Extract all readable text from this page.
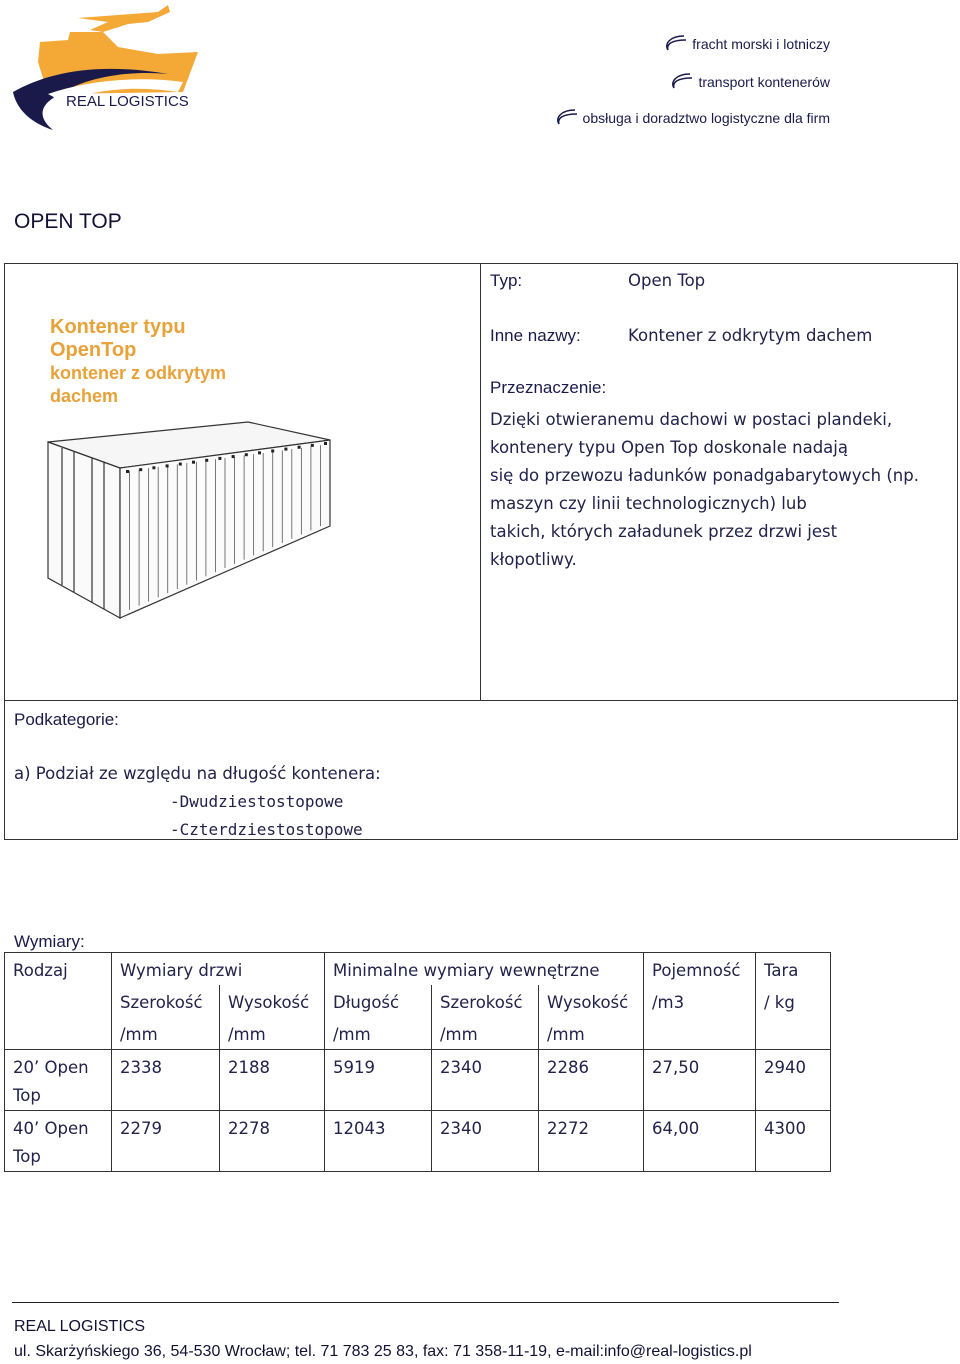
REAL LOGISTICS
fracht morski i lotniczy
transport kontenerów
obsługa i doradztwo logistyczne dla firm
OPEN TOP
Kontener typu
OpenTop
kontener z odkrytym
dachem
Typ:	Open Top
Inne nazwy:	Kontener z odkrytym dachem
Przeznaczenie:
Dzięki otwieranemu dachowi w postaci plandeki,
kontenery typu Open Top doskonale nadają
się do przewozu ładunków ponadgabarytowych (np.
maszyn czy linii technologicznych) lub
takich, których załadunek przez drzwi jest
kłopotliwy.
Podkategorie:
a) Podział ze względu na długość kontenera:
-Dwudziestostopowe
-Czterdziestostopowe
Wymiary:
Rodzaj	Wymiary drzwi		Minimalne wymiary wewnętrzne			Pojemność	Tara
	Szerokość	Wysokość	Długość	Szerokość	Wysokość	/m3	/ kg
	/mm	/mm	/mm	/mm	/mm		
20’ Open Top	2338	2188	5919	2340	2286	27,50	2940
40’ Open Top	2279	2278	12043	2340	2272	64,00	4300
REAL LOGISTICS
ul. Skarżyńskiego 36, 54-530 Wrocław; tel. 71 783 25 83, fax: 71 358-11-19, e-mail:info@real-logistics.pl
